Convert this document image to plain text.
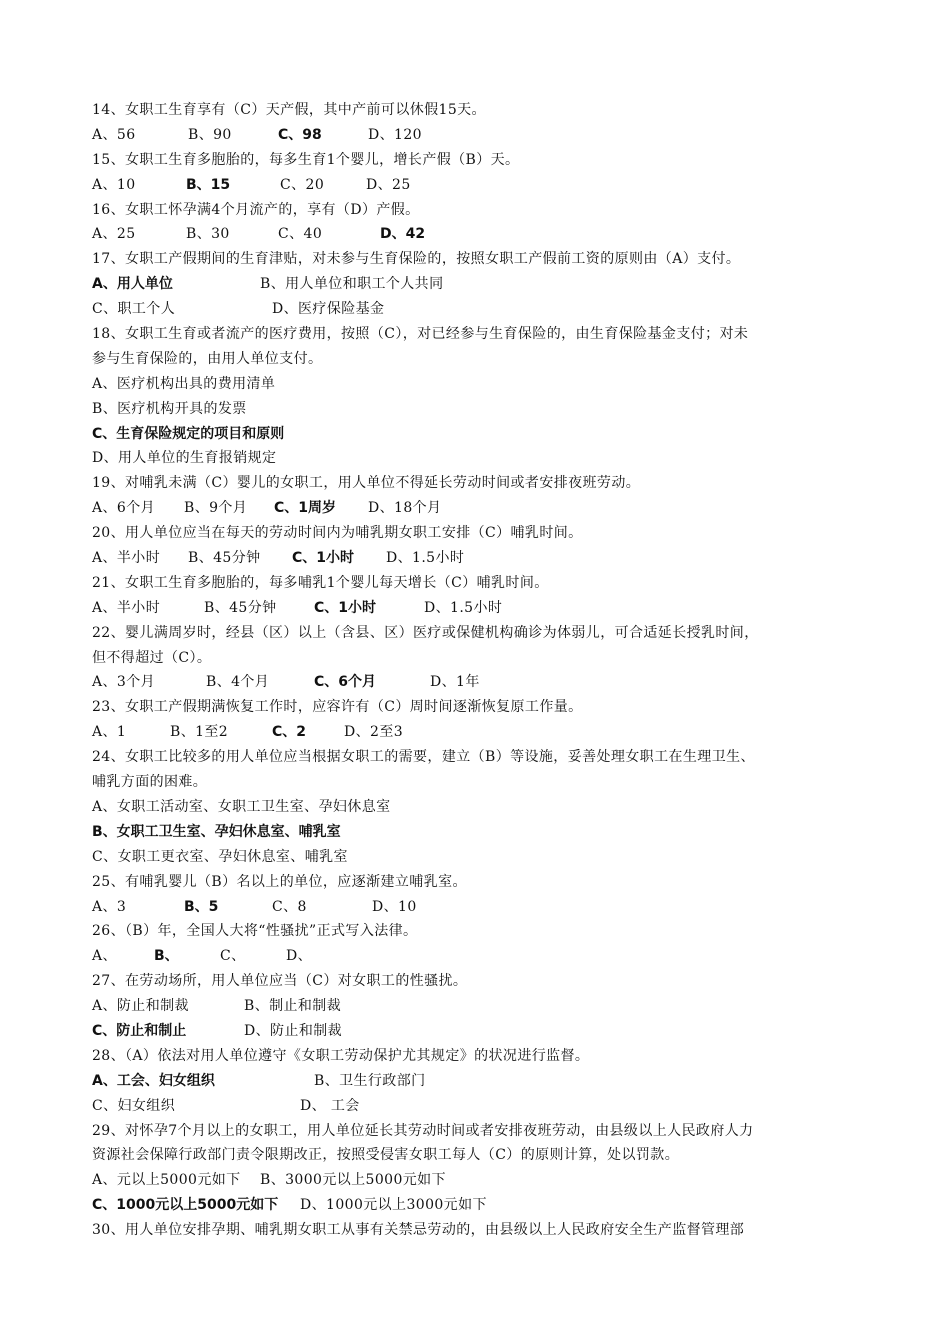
14、女职工生育享有（C）天产假，其中产前可以休假15天。
A、56	B、90	C、98	D、120
15、女职工生育多胞胎的，每多生育1个婴儿，增长产假（B）天。
A、10	B、15	C、20	D、25
16、女职工怀孕满4个月流产的，享有（D）产假。
A、25	B、30	C、40	D、42
17、女职工产假期间的生育津贴，对未参与生育保险的，按照女职工产假前工资的原则由（A）支付。
A、用人单位	B、用人单位和职工个人共同
C、职工个人	D、医疗保险基金
18、女职工生育或者流产的医疗费用，按照（C），对已经参与生育保险的，由生育保险基金支付；对未
参与生育保险的，由用人单位支付。
A、医疗机构出具的费用清单
B、医疗机构开具的发票
C、生育保险规定的项目和原则
D、用人单位的生育报销规定
19、对哺乳未满（C）婴儿的女职工，用人单位不得延长劳动时间或者安排夜班劳动。
A、6个月 B、9个月 C、1周岁 D、18个月
20、用人单位应当在每天的劳动时间内为哺乳期女职工安排（C）哺乳时间。
A、半小时 B、45分钟 C、1小时 D、1.5小时
21、女职工生育多胞胎的，每多哺乳1个婴儿每天增长（C）哺乳时间。
A、半小时	B、45分钟	C、1小时	D、1.5小时
22、婴儿满周岁时，经县（区）以上（含县、区）医疗或保健机构确诊为体弱儿，可合适延长授乳时间，
但不得超过（C）。
A、3个月	B、4个月	C、6个月	D、1年
23、女职工产假期满恢复工作时，应容许有（C）周时间逐渐恢复原工作量。
A、1	B、1至2	C、2	D、2至3
24、女职工比较多的用人单位应当根据女职工的需要，建立（B）等设施，妥善处理女职工在生理卫生、
哺乳方面的困难。
A、女职工活动室、女职工卫生室、孕妇休息室
B、女职工卫生室、孕妇休息室、哺乳室
C、女职工更衣室、孕妇休息室、哺乳室
25、有哺乳婴儿（B）名以上的单位，应逐渐建立哺乳室。
A、3	B、5	C、8	D、10
26、（B）年，全国人大将“性骚扰”正式写入法律。
A、	B、	C、	D、
27、在劳动场所，用人单位应当（C）对女职工的性骚扰。
A、防止和制裁	B、制止和制裁
C、防止和制止	D、防止和制裁
28、（A）依法对用人单位遵守《女职工劳动保护尤其规定》的状况进行监督。
A、工会、妇女组织	B、卫生行政部门
C、妇女组织	D、 工会
29、对怀孕7个月以上的女职工，用人单位延长其劳动时间或者安排夜班劳动，由县级以上人民政府人力
资源社会保障行政部门责令限期改正，按照受侵害女职工每人（C）的原则计算，处以罚款。
A、元以上5000元如下 B、3000元以上5000元如下
C、1000元以上5000元如下 D、1000元以上3000元如下
30、用人单位安排孕期、哺乳期女职工从事有关禁忌劳动的，由县级以上人民政府安全生产监督管理部
